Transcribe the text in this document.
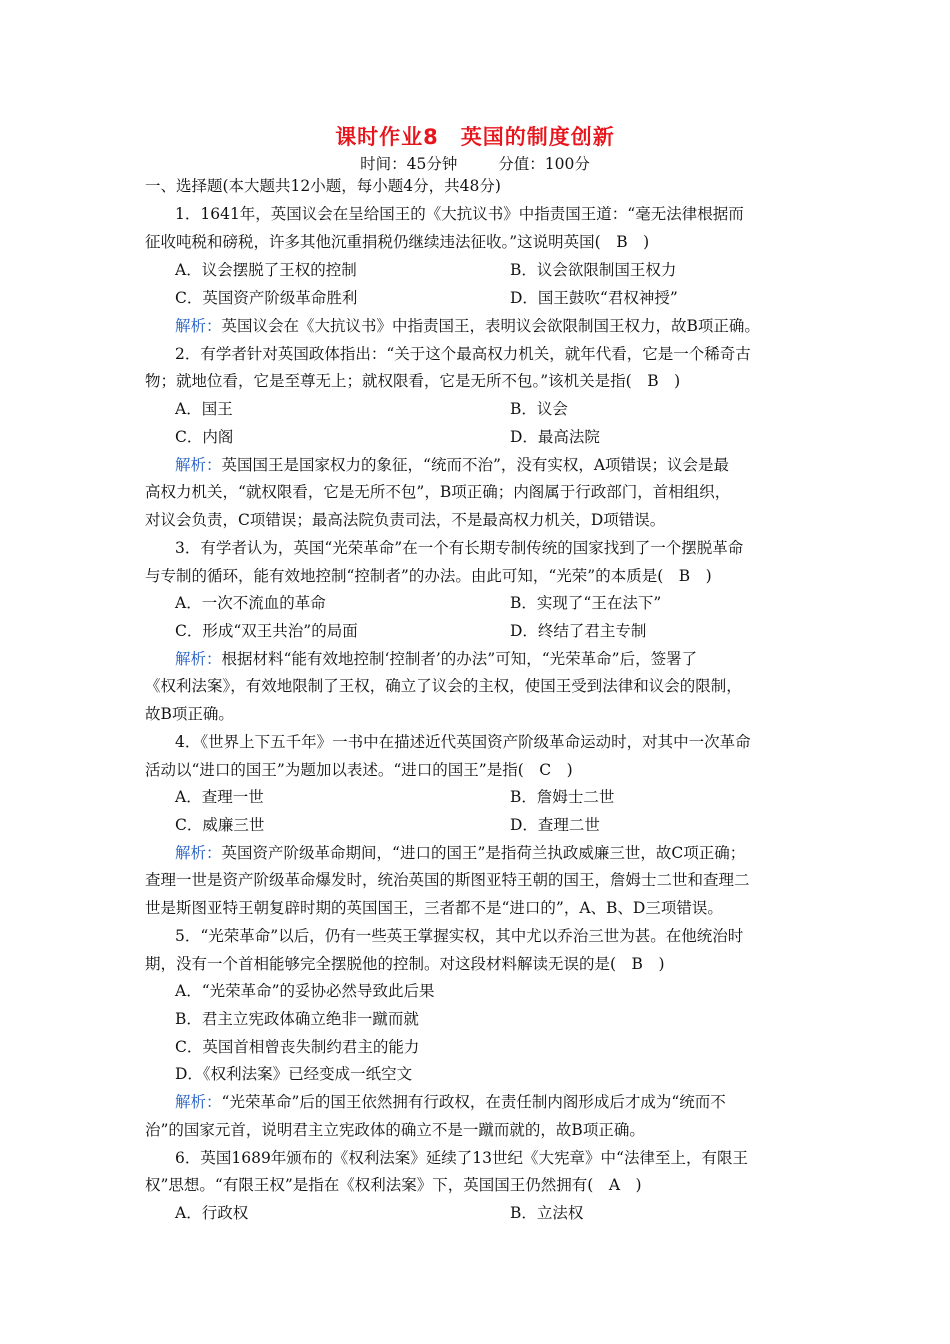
课时作业8　英国的制度创新
时间：45分钟	分值：100分
一、选择题(本大题共12小题，每小题4分，共48分)
1．1641年，英国议会在呈给国王的《大抗议书》中指责国王道：“毫无法律根据而
征收吨税和磅税，许多其他沉重捐税仍继续违法征收。”这说明英国(　B　)
A．议会摆脱了王权的控制	B．议会欲限制国王权力
C．英国资产阶级革命胜利	D．国王鼓吹“君权神授”
解析：英国议会在《大抗议书》中指责国王，表明议会欲限制国王权力，故B项正确。
2．有学者针对英国政体指出：“关于这个最高权力机关，就年代看，它是一个稀奇古
物；就地位看，它是至尊无上；就权限看，它是无所不包。”该机关是指(　B　)
A．国王	B．议会
C．内阁	D．最高法院
解析：英国国王是国家权力的象征，“统而不治”，没有实权，A项错误；议会是最
高权力机关，“就权限看，它是无所不包”，B项正确；内阁属于行政部门，首相组织，
对议会负责，C项错误；最高法院负责司法，不是最高权力机关，D项错误。
3．有学者认为，英国“光荣革命”在一个有长期专制传统的国家找到了一个摆脱革命
与专制的循环，能有效地控制“控制者”的办法。由此可知，“光荣”的本质是(　B　)
A．一次不流血的革命	B．实现了“王在法下”
C．形成“双王共治”的局面	D．终结了君主专制
解析：根据材料“能有效地控制‘控制者’的办法”可知，“光荣革命”后，签署了
《权利法案》，有效地限制了王权，确立了议会的主权，使国王受到法律和议会的限制，
故B项正确。
4．《世界上下五千年》一书中在描述近代英国资产阶级革命运动时，对其中一次革命
活动以“进口的国王”为题加以表述。“进口的国王”是指(　C　)
A．查理一世	B．詹姆士二世
C．威廉三世	D．查理二世
解析：英国资产阶级革命期间，“进口的国王”是指荷兰执政威廉三世，故C项正确；
查理一世是资产阶级革命爆发时，统治英国的斯图亚特王朝的国王，詹姆士二世和查理二
世是斯图亚特王朝复辟时期的英国国王，三者都不是“进口的”，A、B、D三项错误。
5．“光荣革命”以后，仍有一些英王掌握实权，其中尤以乔治三世为甚。在他统治时
期，没有一个首相能够完全摆脱他的控制。对这段材料解读无误的是(　B　)
A．“光荣革命”的妥协必然导致此后果
B．君主立宪政体确立绝非一蹴而就
C．英国首相曾丧失制约君主的能力
D．《权利法案》已经变成一纸空文
解析：“光荣革命”后的国王依然拥有行政权，在责任制内阁形成后才成为“统而不
治”的国家元首，说明君主立宪政体的确立不是一蹴而就的，故B项正确。
6．英国1689年颁布的《权利法案》延续了13世纪《大宪章》中“法律至上，有限王
权”思想。“有限王权”是指在《权利法案》下，英国国王仍然拥有(　A　)
A．行政权	B．立法权
